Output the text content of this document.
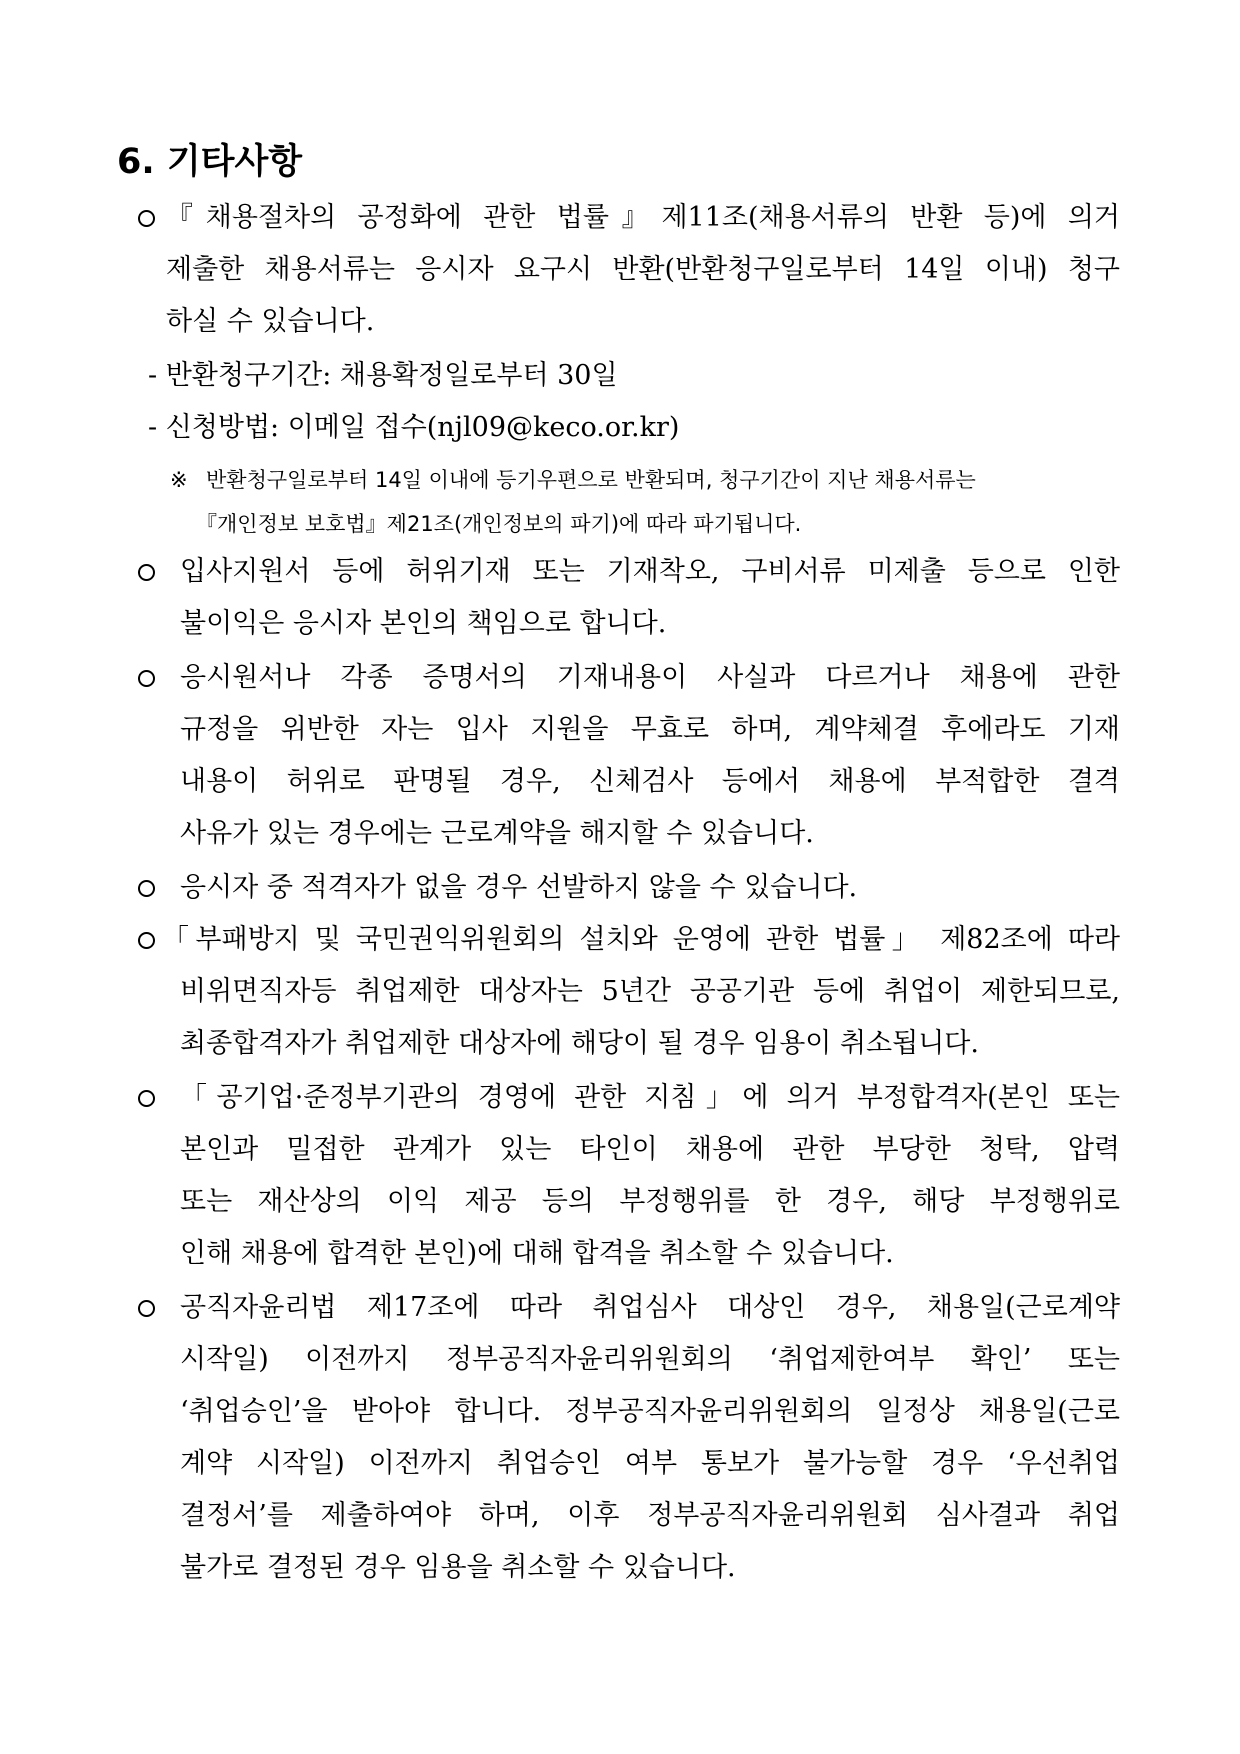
6. 기타사항
『채용절차의 공정화에 관한 법률』제11조(채용서류의 반환 등)에 의거
제출한 채용서류는 응시자 요구시 반환(반환청구일로부터 14일 이내) 청구
하실 수 있습니다.
- 반환청구기간: 채용확정일로부터 30일
- 신청방법: 이메일 접수(njl09@keco.or.kr)
※ 반환청구일로부터 14일 이내에 등기우편으로 반환되며, 청구기간이 지난 채용서류는
『개인정보 보호법』제21조(개인정보의 파기)에 따라 파기됩니다.
입사지원서 등에 허위기재 또는 기재착오, 구비서류 미제출 등으로 인한
불이익은 응시자 본인의 책임으로 합니다.
응시원서나 각종 증명서의 기재내용이 사실과 다르거나 채용에 관한
규정을 위반한 자는 입사 지원을 무효로 하며, 계약체결 후에라도 기재
내용이 허위로 판명될 경우, 신체검사 등에서 채용에 부적합한 결격
사유가 있는 경우에는 근로계약을 해지할 수 있습니다.
응시자 중 적격자가 없을 경우 선발하지 않을 수 있습니다.
「부패방지 및 국민권익위원회의 설치와 운영에 관한 법률」 제82조에 따라
비위면직자등 취업제한 대상자는 5년간 공공기관 등에 취업이 제한되므로,
최종합격자가 취업제한 대상자에 해당이 될 경우 임용이 취소됩니다.
「공기업·준정부기관의 경영에 관한 지침」에 의거 부정합격자(본인 또는
본인과 밀접한 관계가 있는 타인이 채용에 관한 부당한 청탁, 압력
또는 재산상의 이익 제공 등의 부정행위를 한 경우, 해당 부정행위로
인해 채용에 합격한 본인)에 대해 합격을 취소할 수 있습니다.
공직자윤리법 제17조에 따라 취업심사 대상인 경우, 채용일(근로계약
시작일) 이전까지 정부공직자윤리위원회의 ‘취업제한여부 확인’ 또는
‘취업승인’을 받아야 합니다. 정부공직자윤리위원회의 일정상 채용일(근로
계약 시작일) 이전까지 취업승인 여부 통보가 불가능할 경우 ‘우선취업
결정서’를 제출하여야 하며, 이후 정부공직자윤리위원회 심사결과 취업
불가로 결정된 경우 임용을 취소할 수 있습니다.
